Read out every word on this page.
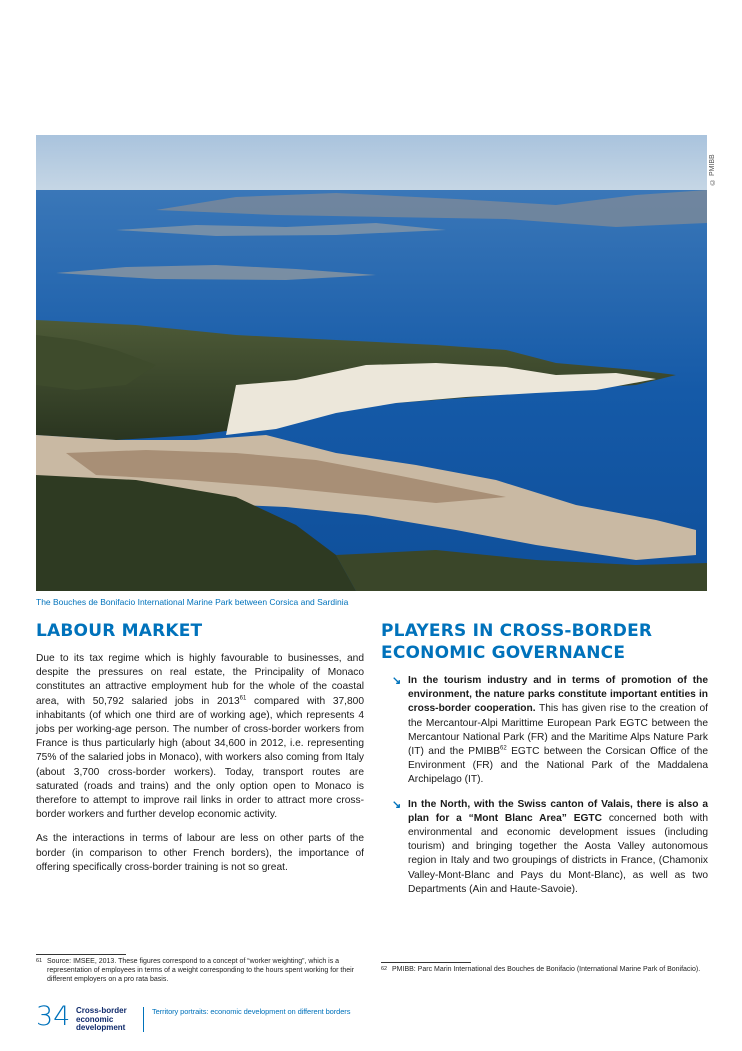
© PMIBB
The Bouches de Bonifacio International Marine Park between Corsica and Sardinia
LABOUR MARKET

Due to its tax regime which is highly favourable to businesses, and despite the pressures on real estate, the Principality of Monaco constitutes an attractive employment hub for the whole of the coastal area, with 50,792 salaried jobs in 2013$^{61}$ compared with 37,800 inhabitants (of which one third are of working age), which represents 4 jobs per working-age person. The number of cross-border workers from France is thus particularly high (about 34,600 in 2012, i.e. representing 75% of the salaried jobs in Monaco), with workers also coming from Italy (about 3,700 cross-border workers). Today, transport routes are saturated (roads and trains) and the only option open to Monaco is therefore to attempt to improve rail links in order to attract more cross-border workers and further develop economic activity.

As the interactions in terms of labour are less on other parts of the border (in comparison to other French borders), the importance of offering specifically cross-border training is not so great.

PLAYERS IN CROSS-BORDER ECONOMIC GOVERNANCE
↘ In the tourism industry and in terms of promotion of the environment, the nature parks constitute important entities in cross-border cooperation. This has given rise to the creation of the Mercantour-Alpi Marittime European Park EGTC between the Mercantour National Park (FR) and the Maritime Alps Nature Park (IT) and the PMIBB$^{62}$ EGTC between the Corsican Office of the Environment (FR) and the National Park of the Maddalena Archipelago (IT).
↘ In the North, with the Swiss canton of Valais, there is also a plan for a “Mont Blanc Area” EGTC concerned both with environmental and economic development issues (including tourism) and bringing together the Aosta Valley autonomous region in Italy and two groupings of districts in France, (Chamonix Valley-Mont-Blanc and Pays du Mont-Blanc), as well as two Departments (Ain and Haute-Savoie).
61 Source: IMSEE, 2013. These figures correspond to a concept of “worker weighting”, which is a representation of employees in terms of a weight corresponding to the hours spent working for their different employers on a pro rata basis.
62 PMIBB: Parc Marin International des Bouches de Bonifacio (International Marine Park of Bonifacio).
34 Cross-border
economic
development
Territory portraits: economic development on different borders
